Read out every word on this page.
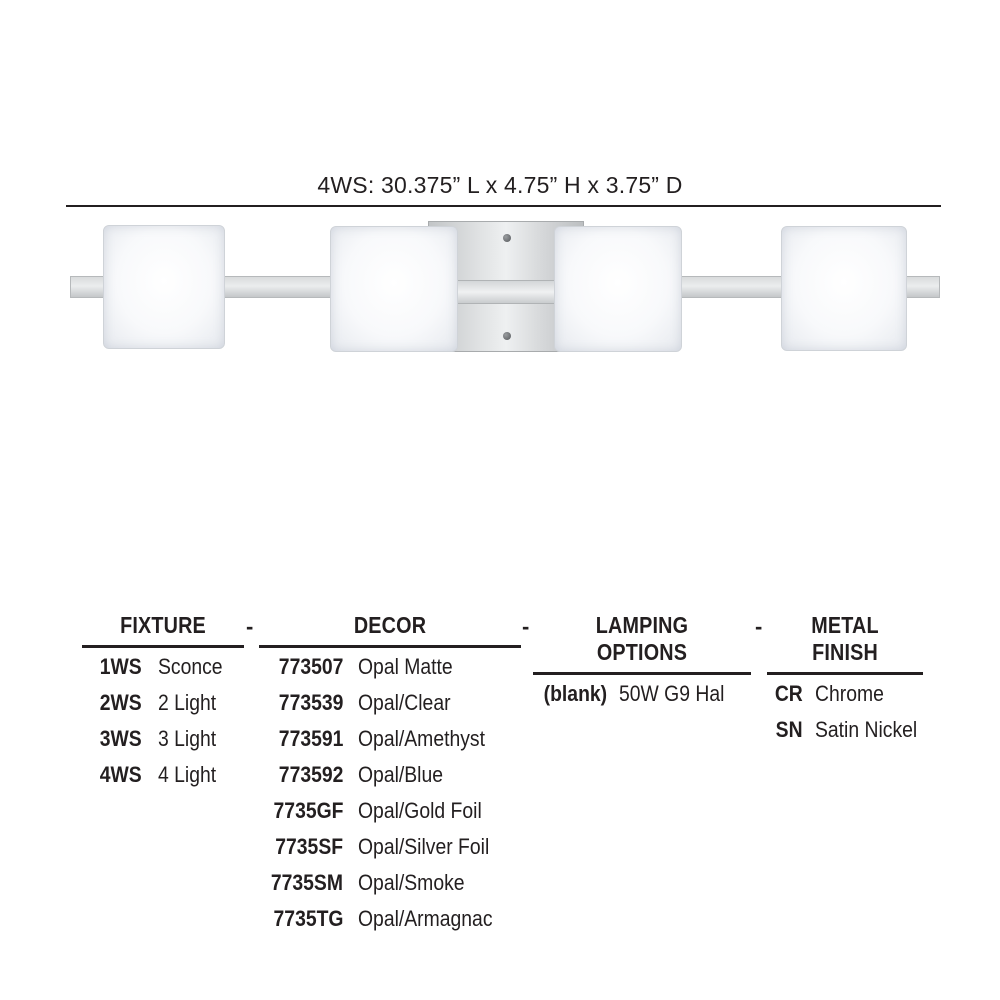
4WS: 30.375” L x 4.75” H x 3.75” D
FIXTURE
1WS Sconce
2WS 2 Light
3WS 3 Light
4WS 4 Light
-	DECOR
773507 Opal Matte
773539 Opal/Clear
773591 Opal/Amethyst
773592 Opal/Blue
7735GF Opal/Gold Foil
7735SF Opal/Silver Foil
7735SM Opal/Smoke
7735TG Opal/Armagnac
-	LAMPING OPTIONS
(blank) 50W G9 Hal
-	METAL FINISH
CR Chrome
SN Satin Nickel
